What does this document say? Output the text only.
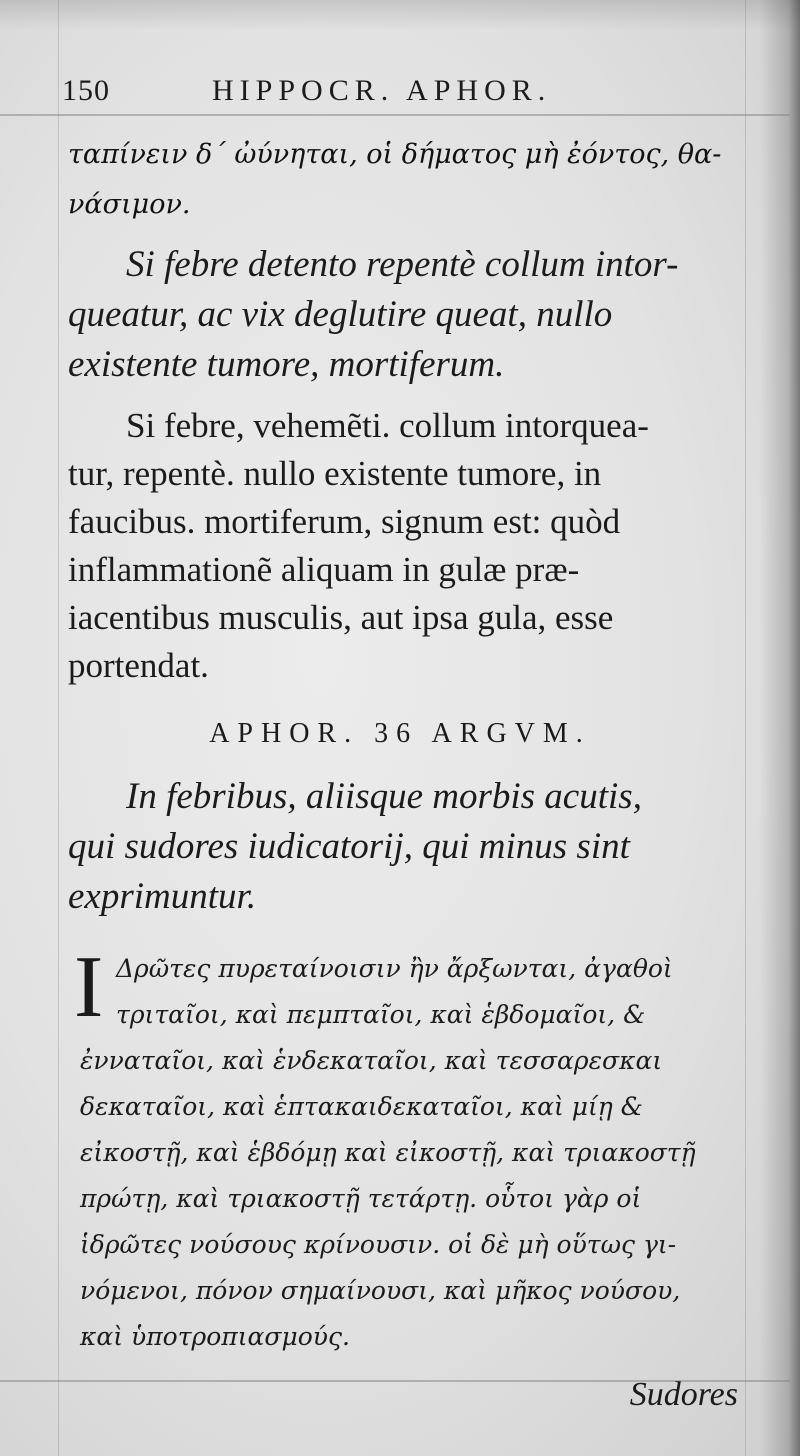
150	HIPPOCR. APHOR.
ταπίνειν δ΄ ὠύνηται, οἱ δήματος μὴ ἐόντος, θα-
νάσιμον.
Si febre detento repentè collum intor-
queatur, ac vix deglutire queat, nullo
existente tumore, mortiferum.
Si febre, vehemẽti. collum intorquea-
tur, repentè. nullo existente tumore, in
faucibus. mortiferum, signum est: quòd
inflammationẽ aliquam in gulæ præ-
iacentibus musculis, aut ipsa gula, esse
portendat.
APHOR. 36 ARGVM.
In febribus, aliisque morbis acutis,
qui sudores iudicatorij, qui minus sint
exprimuntur.
I Δρῶτες πυρεταίνοισιν ἢν ἄρξωνται, ἀγαθοὶ
τριταῖοι, καὶ πεμπταῖοι, καὶ ἑβδομαῖοι, &
ἐνναταῖοι, καὶ ἑνδεκαταῖοι, καὶ τεσσαρεσκαι
δεκαταῖοι, καὶ ἑπτακαιδεκαταῖοι, καὶ μίῃ &
εἰκοστῇ, καὶ ἑβδόμῃ καὶ εἰκοστῇ, καὶ τριακοστῇ
πρώτῃ, καὶ τριακοστῇ τετάρτῃ. οὗτοι γὰρ οἱ
ἱδρῶτες νούσους κρίνουσιν. οἱ δὲ μὴ οὕτως γι-
νόμενοι, πόνον σημαίνουσι, καὶ μῆκος νούσου,
καὶ ὑποτροπιασμούς.
Sudores
